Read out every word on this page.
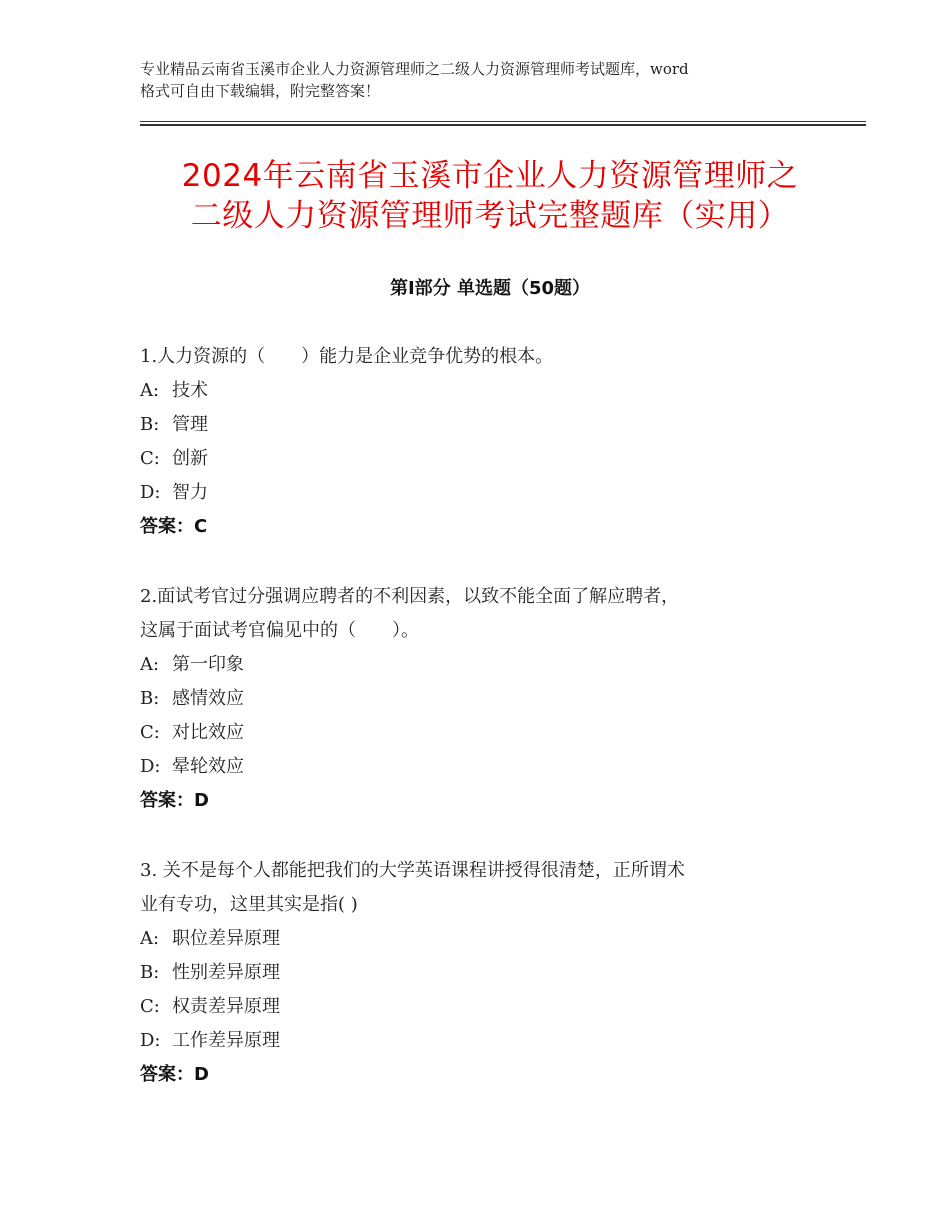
专业精品云南省玉溪市企业人力资源管理师之二级人力资源管理师考试题库，word

格式可自由下载编辑，附完整答案！

2024年云南省玉溪市企业人力资源管理师之
二级人力资源管理师考试完整题库（实用）
第Ⅰ部分 单选题（50题）
1.人力资源的（　　）能力是企业竞争优势的根本。
A: 技术
B: 管理
C: 创新
D: 智力
答案：C
2.面试考官过分强调应聘者的不利因素，以致不能全面了解应聘者，
这属于面试考官偏见中的（　　）。
A: 第一印象
B: 感情效应
C: 对比效应
D: 晕轮效应
答案：D
3. 关不是每个人都能把我们的大学英语课程讲授得很清楚，正所谓术
业有专功，这里其实是指( )
A: 职位差异原理
B: 性别差异原理
C: 权责差异原理
D: 工作差异原理
答案：D
